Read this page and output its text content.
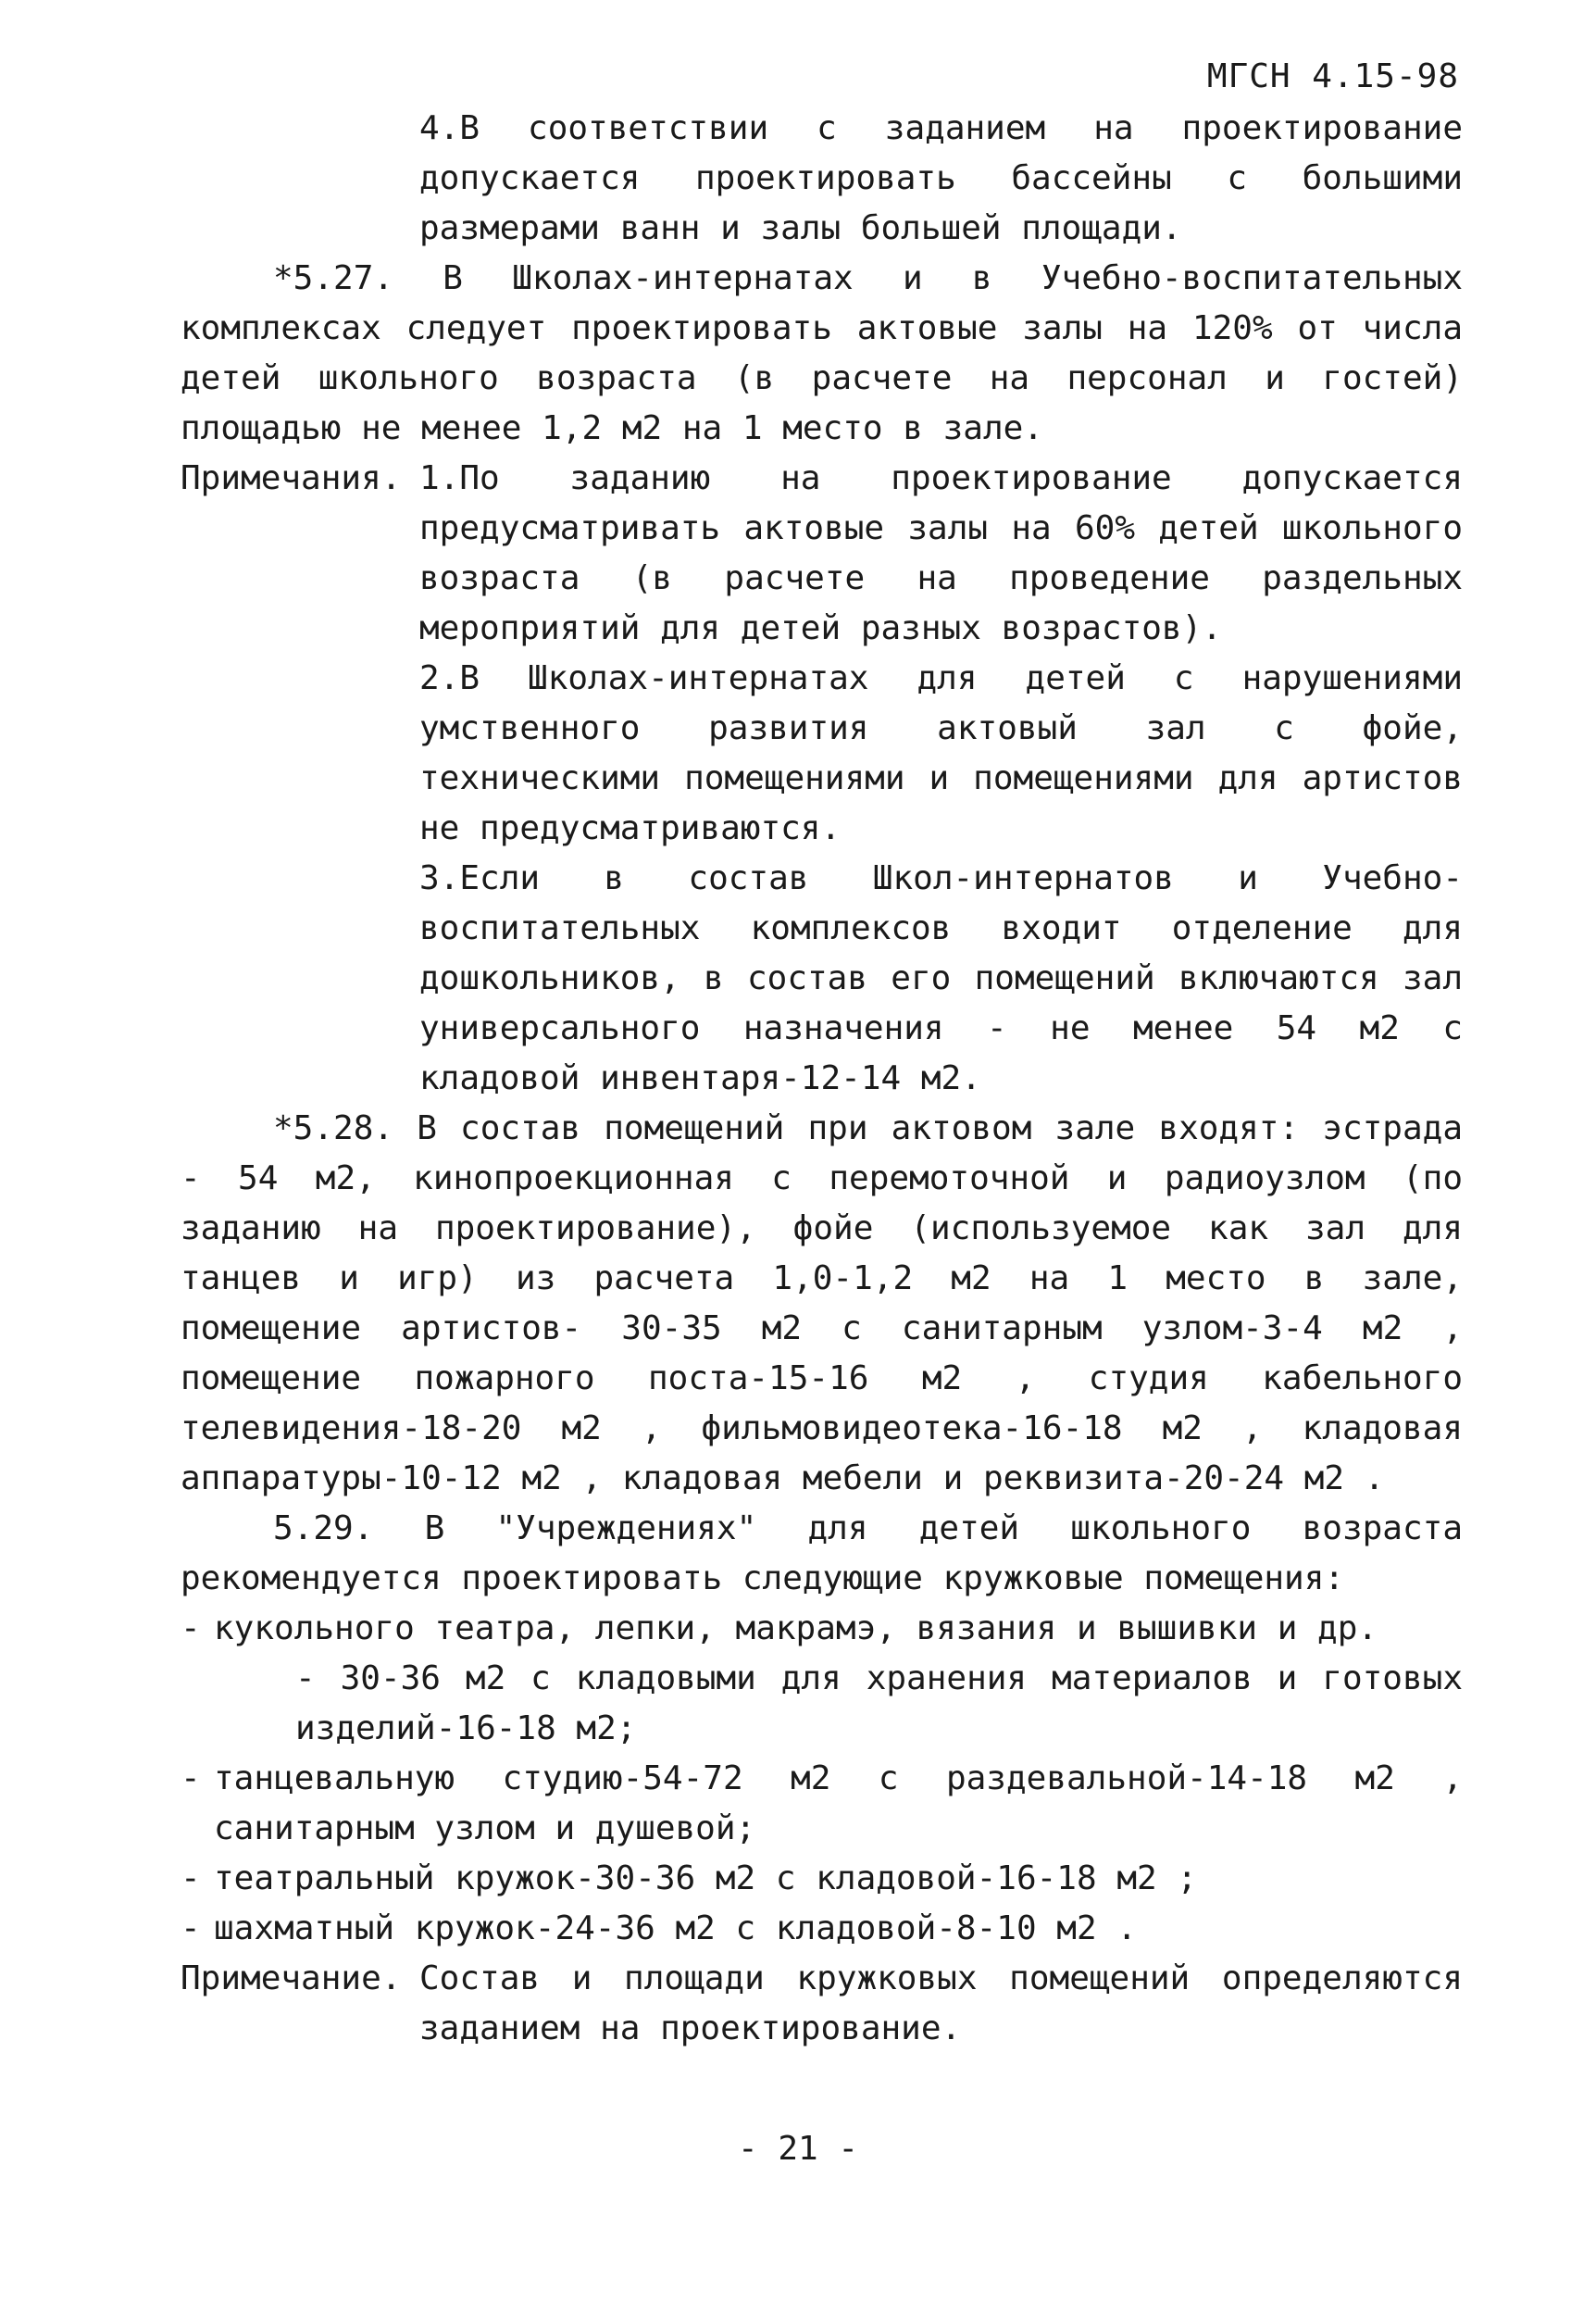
МГСН 4.15-98

4.В соответствии с заданием на проектирование допускается проектировать бассейны с большими размерами ванн и залы большей площади.

*5.27. В Школах-интернатах и в Учебно-воспитательных комплексах следует проектировать актовые залы на 120% от числа детей школьного возраста (в расчете на персонал и гостей) площадью не менее 1,2 м2 на 1 место в зале.

Примечания. 1.По заданию на проектирование допускается предусматривать актовые залы на 60% детей школьного возраста (в расчете на проведение раздельных мероприятий для детей разных возрастов).

2.В Школах-интернатах для детей с нарушениями умственного развития актовый зал с фойе, техническими помещениями и помещениями для артистов не предусматриваются.

3.Если в состав Школ-интернатов и Учебно-воспитательных комплексов входит отделение для дошкольников, в состав его помещений включаются зал универсального назначения - не менее 54 м2 с кладовой инвентаря-12-14 м2.

*5.28. В состав помещений при актовом зале входят: эстрада - 54 м2, кинопроекционная с перемоточной и радиоузлом (по заданию на проектирование), фойе (используемое как зал для танцев и игр) из расчета 1,0-1,2 м2 на 1 место в зале, помещение артистов- 30-35 м2 с санитарным узлом-3-4 м2 , помещение пожарного поста-15-16 м2 , студия кабельного телевидения-18-20 м2 , фильмовидеотека-16-18 м2 , кладовая аппаратуры-10-12 м2 , кладовая мебели и реквизита-20-24 м2 .

5.29. В "Учреждениях" для детей школьного возраста рекомендуется проектировать следующие кружковые помещения:

- кукольного театра, лепки, макрамэ, вязания и вышивки и др.
- 30-36 м2 с кладовыми для хранения материалов и готовых изделий-16-18 м2;
- танцевальную студию-54-72 м2 с раздевальной-14-18 м2 , санитарным узлом и душевой;
- театральный кружок-30-36 м2 с кладовой-16-18 м2 ;
- шахматный кружок-24-36 м2 с кладовой-8-10 м2 .
Примечание. Состав и площади кружковых помещений определяются заданием на проектирование.
- 21 -
